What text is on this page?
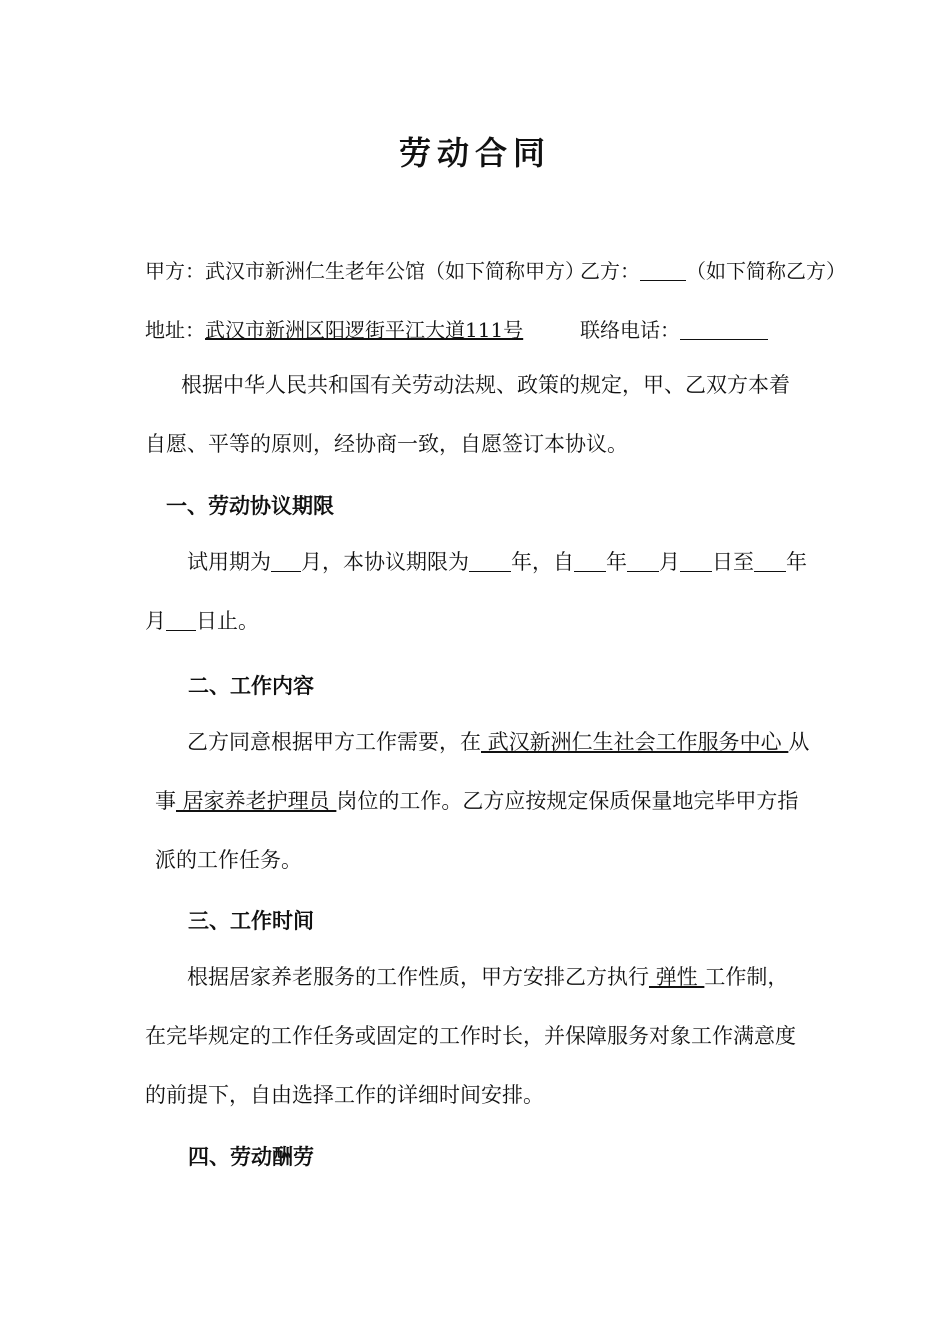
劳动合同
甲方：武汉市新洲仁生老年公馆（如下简称甲方）
乙方： （如下简称乙方）
地址：武汉市新洲区阳逻街平江大道111号	联络电话：
根据中华人民共和国有关劳动法规、政策的规定，甲、乙双方本着
自愿、平等的原则，经协商一致，自愿签订本协议。
一、劳动协议期限
试用期为 月，本协议期限为 年，自 年 月 日至 年
月 日止。
二、工作内容
乙方同意根据甲方工作需要，在 武汉新洲仁生社会工作服务中心 从
事 居家养老护理员 岗位的工作。乙方应按规定保质保量地完毕甲方指
派的工作任务。
三、工作时间
根据居家养老服务的工作性质，甲方安排乙方执行 弹性 工作制，
在完毕规定的工作任务或固定的工作时长，并保障服务对象工作满意度
的前提下，自由选择工作的详细时间安排。
四、劳动酬劳
